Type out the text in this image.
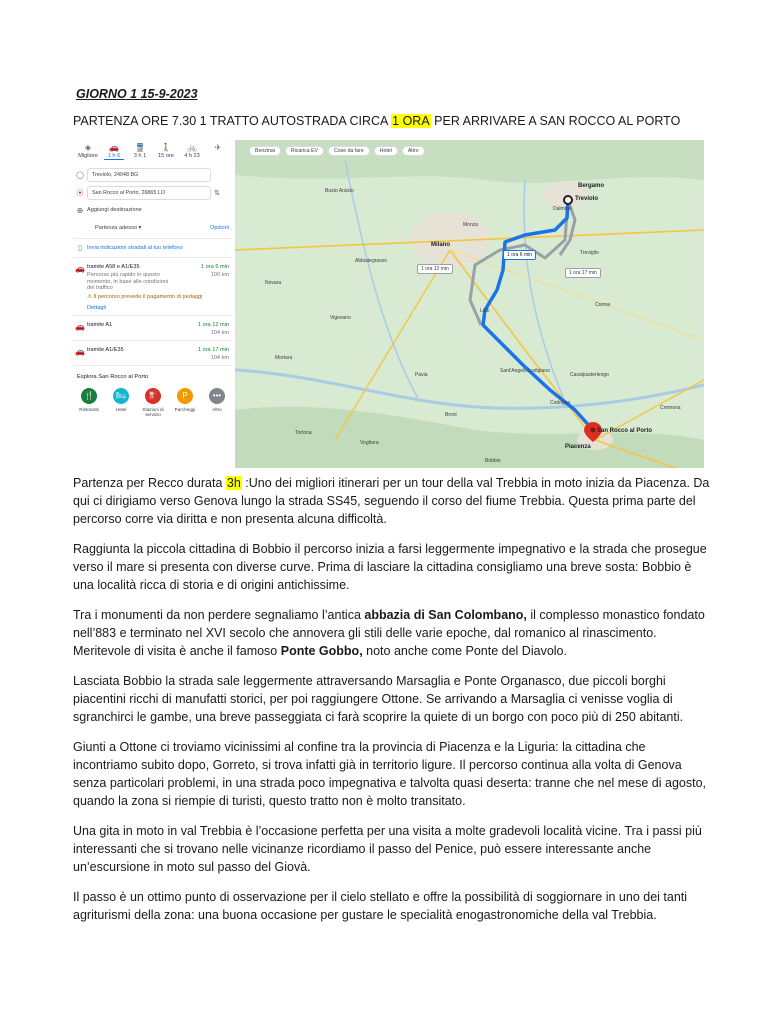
GIORNO 1 15-9-2023
PARTENZA ORE 7.30 1 TRATTO AUTOSTRADA CIRCA 1 ORA PER ARRIVARE A SAN ROCCO AL PORTO
◈
Migliore
🚗
1 h 6
🚆
3 h 1
🚶
15 ore
🚲
4 h 23
✈
◯	Treviolo, 24048 BG
⦿	San Rocco al Porto, 26865 LO	⇅
⊕ Aggiungi destinazione
Partenza adesso ▾	Opzioni
▯ Invia indicazioni stradali al tuo telefono
🚗 tramite A58 e A1/E35	1 ora 6 min
Percorso più rapido in questo momento, in base alle condizioni del traffico
100 km
⚠ Il percorso prevede il pagamento di pedaggi
Dettagli
🚗 tramite A1	1 ora 12 min
104 km
🚗 tramite A1/E35	1 ora 17 min
104 km
Esplora San Rocco al Porto
🍴
Ristoranti
🛏
Hotel
⛽
Stazioni di servizio
P
Parcheggi
•••
Altro
Benzinai	Ricarica EV	Cose da fare	Hotel	Altro
Bergamo
Treviolo
Dalmine
Monza
Milano
Lodi
Pavia
Codogno
Piacenza
Crema
Cremona
Bobbio
Voghera
Vigevano
Novara
Busto Arsizio
Treviglio
San Rocco al Porto
Sant'Angelo Lodigiano
Casalpusterlengo
Abbiategrasso
Mortara
Broni
Tortona
1 ora 6 min
1 ora 12 min
1 ora 17 min

Partenza per Recco durata 3h :Uno dei migliori itinerari per un tour della val Trebbia in moto inizia da Piacenza. Da qui ci dirigiamo verso Genova lungo la strada SS45, seguendo il corso del fiume Trebbia. Questa prima parte del percorso corre via diritta e non presenta alcuna difficoltà.

Raggiunta la piccola cittadina di Bobbio il percorso inizia a farsi leggermente impegnativo e la strada che prosegue verso il mare si presenta con diverse curve. Prima di lasciare la cittadina consigliamo una breve sosta: Bobbio è una località ricca di storia e di origini antichissime.

Tra i monumenti da non perdere segnaliamo l’antica abbazia di San Colombano, il complesso monastico fondato nell’883 e terminato nel XVI secolo che annovera gli stili delle varie epoche, dal romanico al rinascimento. Meritevole di visita è anche il famoso Ponte Gobbo, noto anche come Ponte del Diavolo.

Lasciata Bobbio la strada sale leggermente attraversando Marsaglia e Ponte Organasco, due piccoli borghi piacentini ricchi di manufatti storici, per poi raggiungere Ottone. Se arrivando a Marsaglia ci venisse voglia di sgranchirci le gambe, una breve passeggiata ci farà scoprire la quiete di un borgo con poco più di 250 abitanti.

Giunti a Ottone ci troviamo vicinissimi al confine tra la provincia di Piacenza e la Liguria: la cittadina che incontriamo subito dopo, Gorreto, si trova infatti già in territorio ligure. Il percorso continua alla volta di Genova senza particolari problemi, in una strada poco impegnativa e talvolta quasi deserta: tranne che nel mese di agosto, quando la zona si riempie di turisti, questo tratto non è molto transitato.

Una gita in moto in val Trebbia è l’occasione perfetta per una visita a molte gradevoli località vicine. Tra i passi più interessanti che si trovano nelle vicinanze ricordiamo il passo del Penice, può essere interessante anche un’escursione in moto sul passo del Giovà.

Il passo è un ottimo punto di osservazione per il cielo stellato e offre la possibilità di soggiornare in uno dei tanti agriturismi della zona: una buona occasione per gustare le specialità enogastronomiche della val Trebbia.
